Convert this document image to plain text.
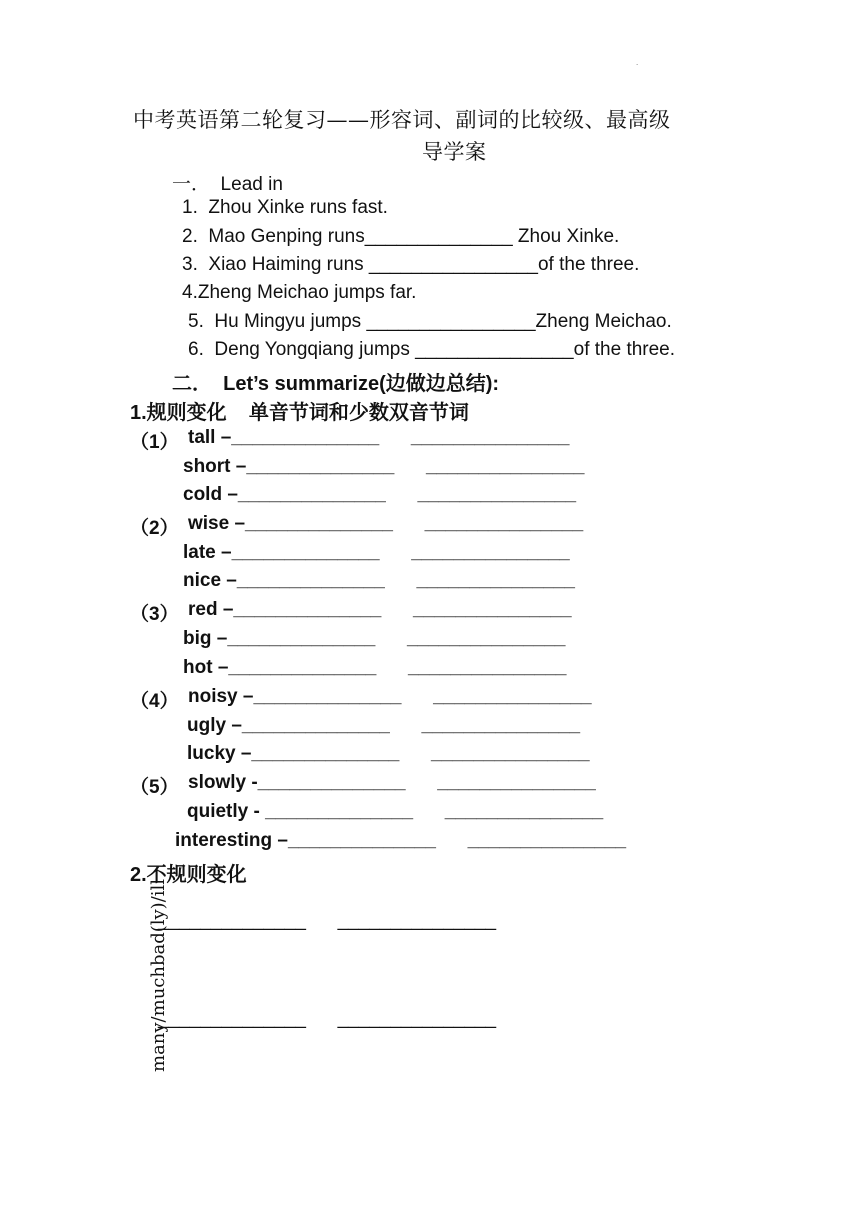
.
中考英语第二轮复习——形容词、副词的比较级、最高级
导学案
一．  Lead in
1.  Zhou Xinke runs fast.
2.  Mao Genping runs______________ Zhou Xinke.
3.  Xiao Haiming runs ________________of the three.
4.Zheng Meichao jumps far.
5.  Hu Mingyu jumps ________________Zheng Meichao.
6.  Deng Yongqiang jumps _______________of the three.
二．  Let’s summarize(边做边总结):
1.规则变化    单音节词和少数双音节词
（1） tall –______________      _______________
short –______________      _______________
cold –______________      _______________
（2） wise –______________      _______________
late –______________      _______________
nice –______________      _______________
（3） red –______________      _______________
big –______________      _______________
hot –______________      _______________
（4） noisy –______________      _______________
ugly –______________      _______________
lucky –______________      _______________
（5） slowly -______________      _______________
quietly - ______________      _______________
interesting –______________      _______________
2.不规则变化
many/muchbad(ly)/ill
______________      _______________
______________      _______________
